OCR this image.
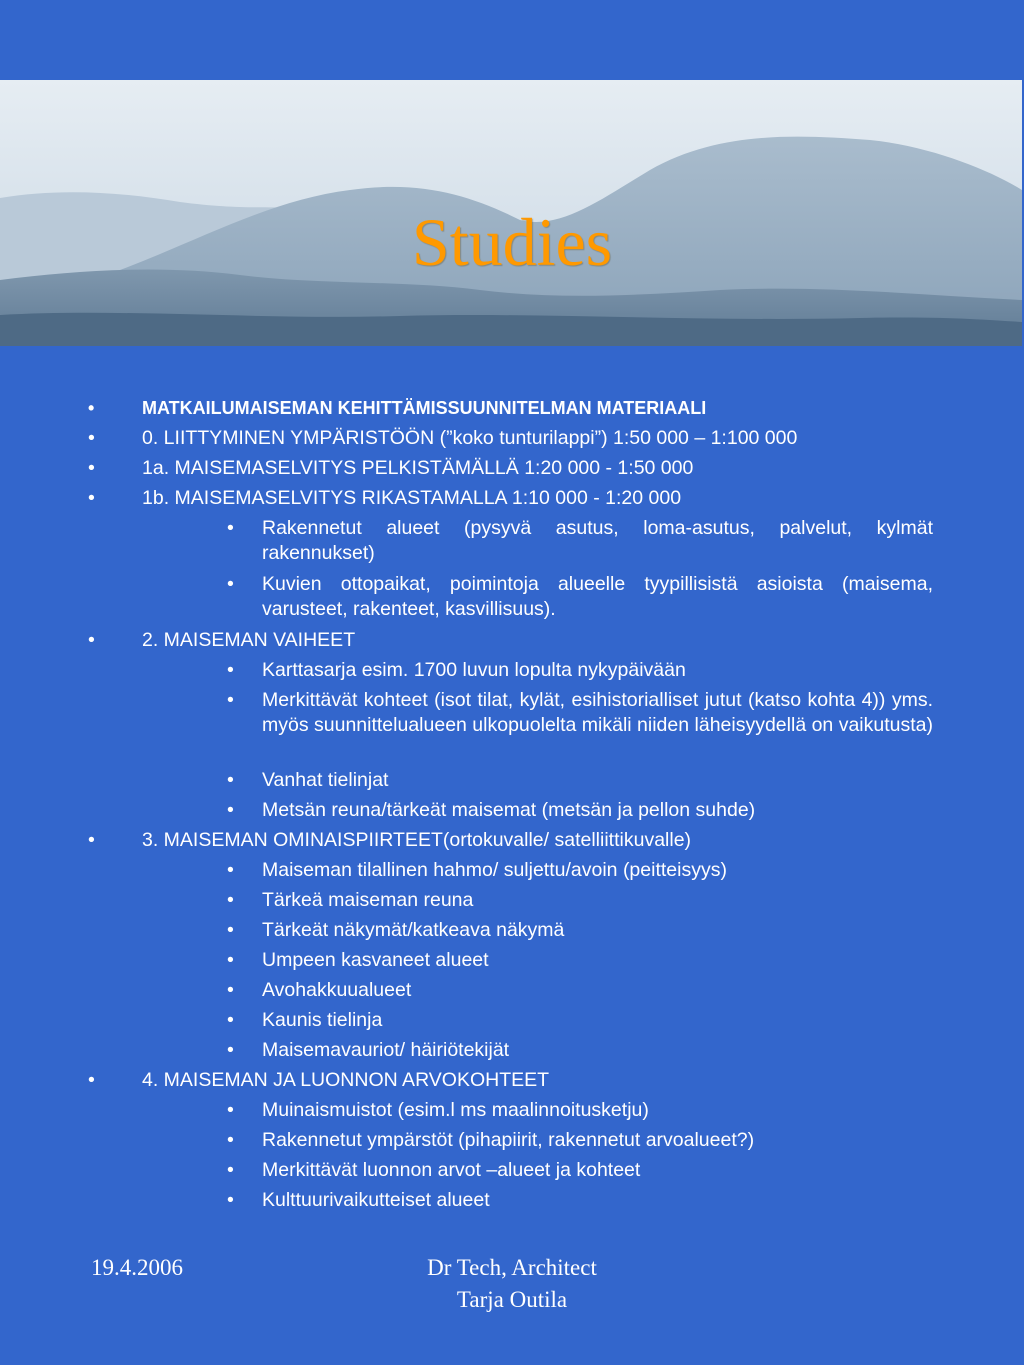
Studies
•	MATKAILUMAISEMAN KEHITTÄMISSUUNNITELMAN MATERIAALI
• 0. LIITTYMINEN YMPÄRISTÖÖN (”koko tunturilappi”) 1:50 000 – 1:100 000
• 1a. MAISEMASELVITYS PELKISTÄMÄLLÄ 1:20 000 - 1:50 000
• 1b. MAISEMASELVITYS RIKASTAMALLA 1:10 000 - 1:20 000
• Rakennetut alueet (pysyvä asutus, loma-asutus, palvelut, kylmät rakennukset)
• Kuvien ottopaikat, poimintoja alueelle tyypillisistä asioista (maisema, varusteet, rakenteet, kasvillisuus).
• 2. MAISEMAN VAIHEET
• Karttasarja esim. 1700 luvun lopulta nykypäivään
• Merkittävät kohteet (isot tilat, kylät, esihistorialliset jutut (katso kohta 4)) yms. myös suunnittelualueen ulkopuolelta mikäli niiden läheisyydellä on vaikutusta)
• Vanhat tielinjat
• Metsän reuna/tärkeät maisemat (metsän ja pellon suhde)
• 3. MAISEMAN OMINAISPIIRTEET(ortokuvalle/ satelliittikuvalle)
• Maiseman tilallinen hahmo/ suljettu/avoin (peitteisyys)
• Tärkeä maiseman reuna
• Tärkeät näkymät/katkeava näkymä
• Umpeen kasvaneet alueet
• Avohakkuualueet
• Kaunis tielinja
• Maisemavauriot/ häiriötekijät
• 4. MAISEMAN JA LUONNON ARVOKOHTEET
• Muinaismuistot (esim.l ms maalinnoitusketju)
• Rakennetut ympärstöt (pihapiirit, rakennetut arvoalueet?)
• Merkittävät luonnon arvot –alueet ja kohteet
• Kulttuurivaikutteiset alueet
19.4.2006	Dr Tech, Architect
Tarja Outila
